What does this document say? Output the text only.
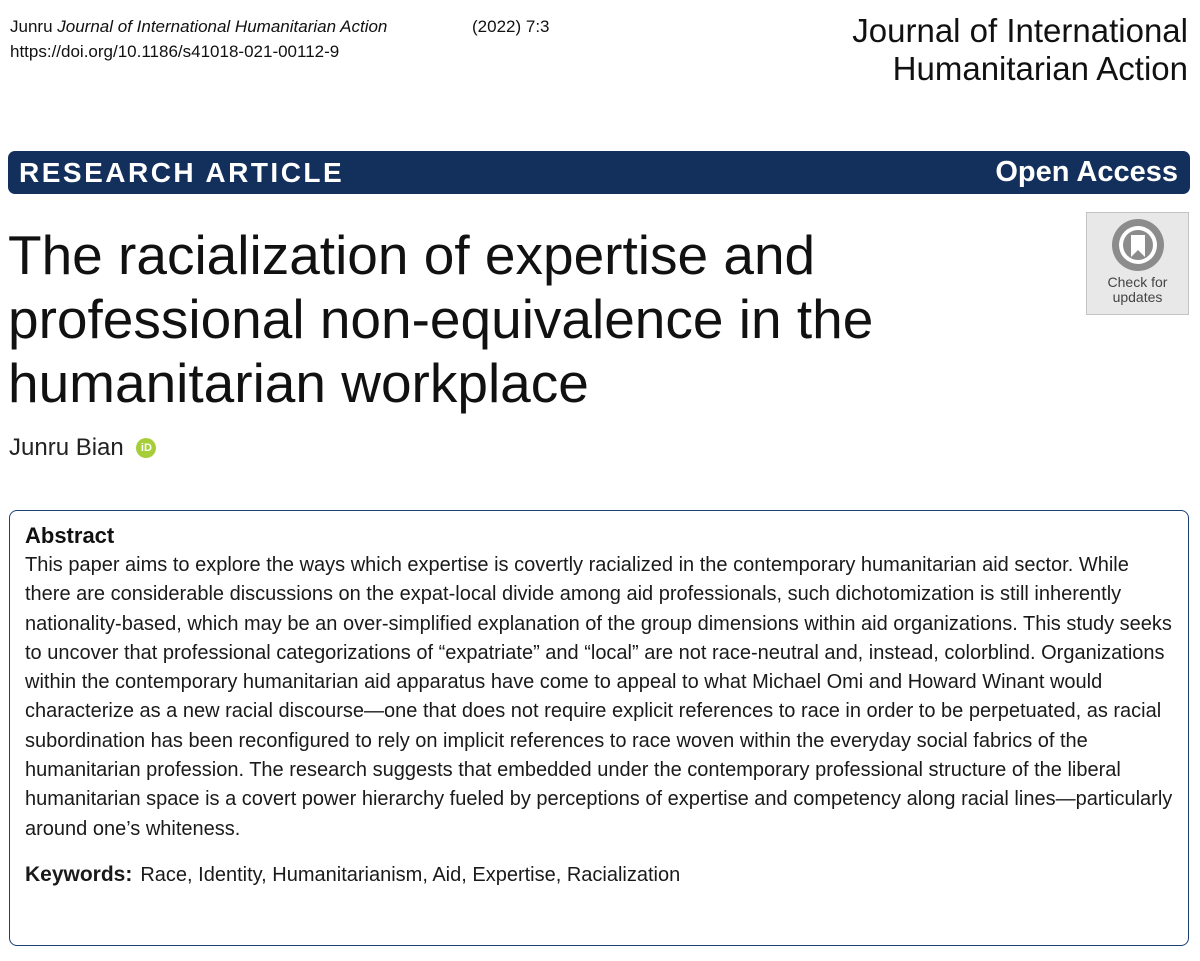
Junru Journal of International Humanitarian Action	(2022) 7:3
https://doi.org/10.1186/s41018-021-00112-9
Journal of International
Humanitarian Action
RESEARCH ARTICLE	Open Access
The racialization of expertise and professional non-equivalence in the humanitarian workplace
Check for
updates
Junru Bian iD
Abstract

This paper aims to explore the ways which expertise is covertly racialized in the contemporary humanitarian aid sector. While there are considerable discussions on the expat-local divide among aid professionals, such dichotomization is still inherently nationality-based, which may be an over-simplified explanation of the group dimensions within aid organizations. This study seeks to uncover that professional categorizations of “expatriate” and “local” are not race-neutral and, instead, colorblind. Organizations within the contemporary humanitarian aid apparatus have come to appeal to what Michael Omi and Howard Winant would characterize as a new racial discourse—one that does not require explicit references to race in order to be perpetuated, as racial subordination has been reconfigured to rely on implicit references to race woven within the everyday social fabrics of the humanitarian profession. The research suggests that embedded under the contemporary professional structure of the liberal humanitarian space is a covert power hierarchy fueled by perceptions of expertise and competency along racial lines—particularly around one’s whiteness.

Keywords: Race, Identity, Humanitarianism, Aid, Expertise, Racialization
